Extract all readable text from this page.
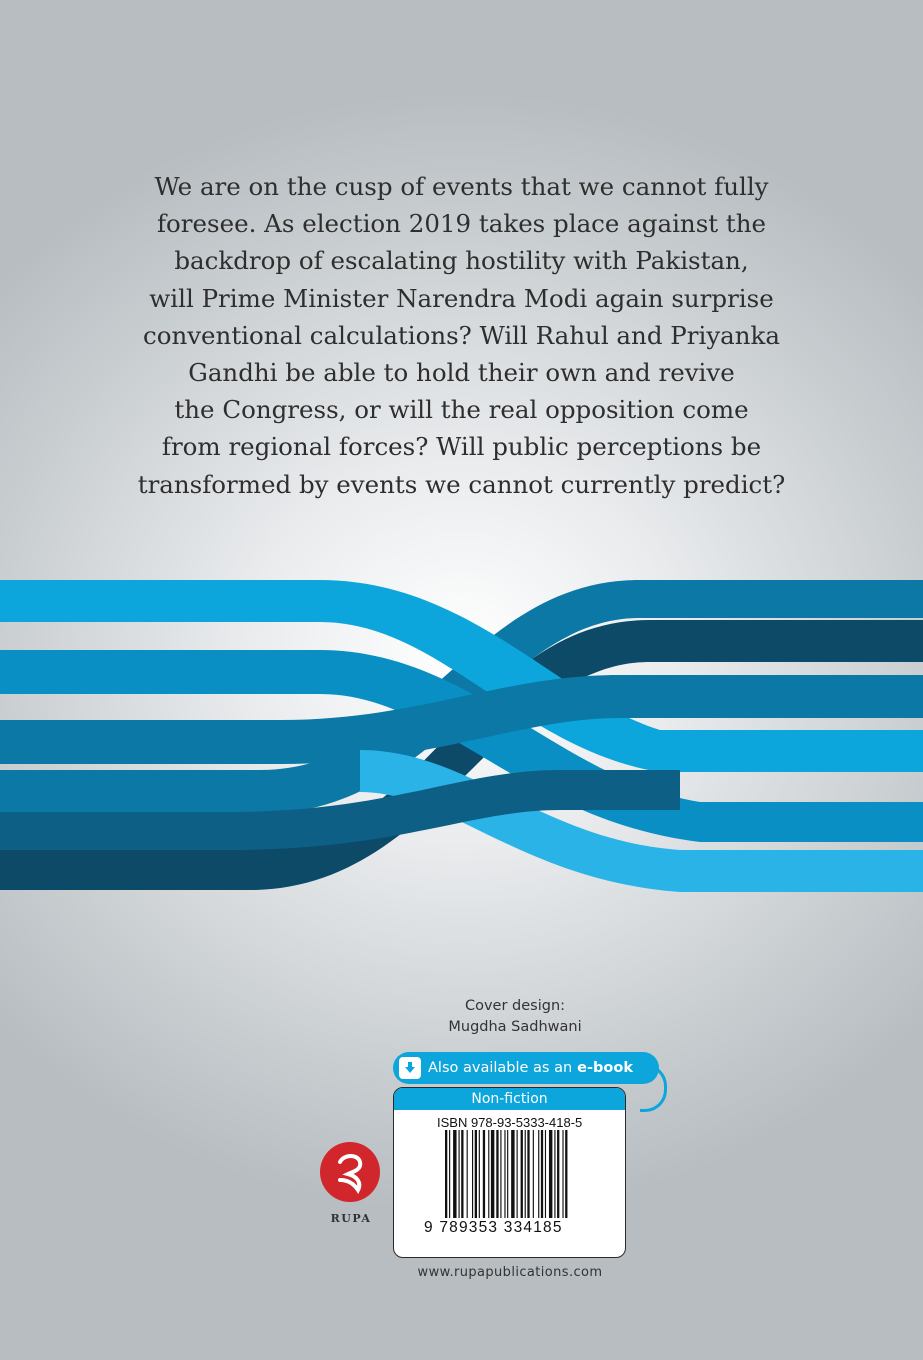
We are on the cusp of events that we cannot fully
foresee. As election 2019 takes place against the
backdrop of escalating hostility with Pakistan,
will Prime Minister Narendra Modi again surprise
conventional calculations? Will Rahul and Priyanka
Gandhi be able to hold their own and revive
the Congress, or will the real opposition come
from regional forces? Will public perceptions be
transformed by events we cannot currently predict?
Cover design:
Mugdha Sadhwani
Also available as an e-book
Non-fiction
ISBN 978-93-5333-418-5
9 789353 334185
RUPA
www.rupapublications.com
